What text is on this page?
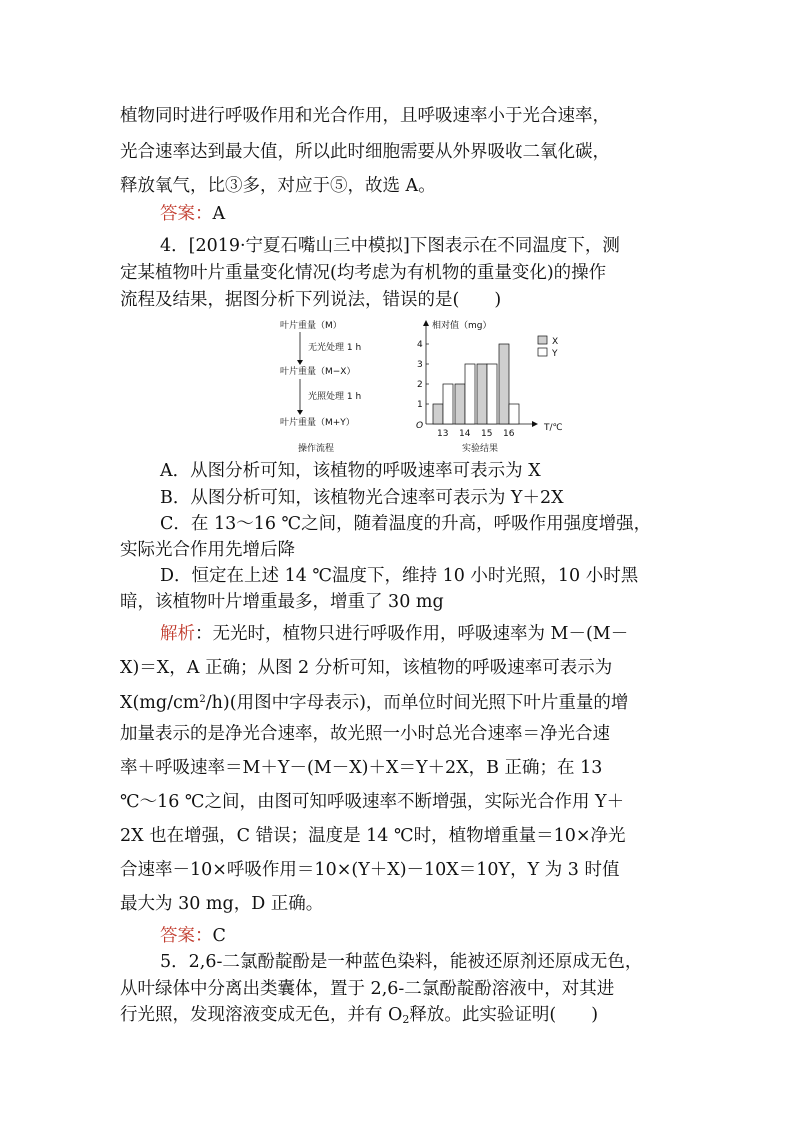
植物同时进行呼吸作用和光合作用，且呼吸速率小于光合速率，
光合速率达到最大值，所以此时细胞需要从外界吸收二氧化碳，
释放氧气，比③多，对应于⑤，故选 A。
答案：A
4．[2019·宁夏石嘴山三中模拟]下图表示在不同温度下，测
定某植物叶片重量变化情况(均考虑为有机物的重量变化)的操作
流程及结果，据图分析下列说法，错误的是(　　)
叶片重量（M）
无光处理 1 h
叶片重量（M−X）
光照处理 1 h
叶片重量（M+Y）
操作流程
相对值（mg）
O	T/℃
1
2
3
4
13 14 15 16
X
Y
实验结果
A．从图分析可知，该植物的呼吸速率可表示为 X
B．从图分析可知，该植物光合速率可表示为 Y＋2X
C．在 13～16 ℃之间，随着温度的升高，呼吸作用强度增强，
实际光合作用先增后降
D．恒定在上述 14 ℃温度下，维持 10 小时光照，10 小时黑
暗，该植物叶片增重最多，增重了 30 mg
解析：无光时，植物只进行呼吸作用，呼吸速率为 M－(M－
X)＝X，A 正确；从图 2 分析可知，该植物的呼吸速率可表示为
$X(mg/cm^2/h)$(用图中字母表示)，而单位时间光照下叶片重量的增
加量表示的是净光合速率，故光照一小时总光合速率＝净光合速
率＋呼吸速率＝M＋Y－(M－X)＋X＝Y＋2X，B 正确；在 13
℃～16 ℃之间，由图可知呼吸速率不断增强，实际光合作用 Y＋
2X 也在增强，C 错误；温度是 14 ℃时，植物增重量＝10×净光
合速率－10×呼吸作用＝10×(Y＋X)－10X＝10Y，Y 为 3 时值
最大为 30 mg，D 正确。
答案：C
5．2,6-二氯酚靛酚是一种蓝色染料，能被还原剂还原成无色，
从叶绿体中分离出类囊体，置于 2,6-二氯酚靛酚溶液中，对其进
行光照，发现溶液变成无色，并有 $O_2$释放。此实验证明(　　)
